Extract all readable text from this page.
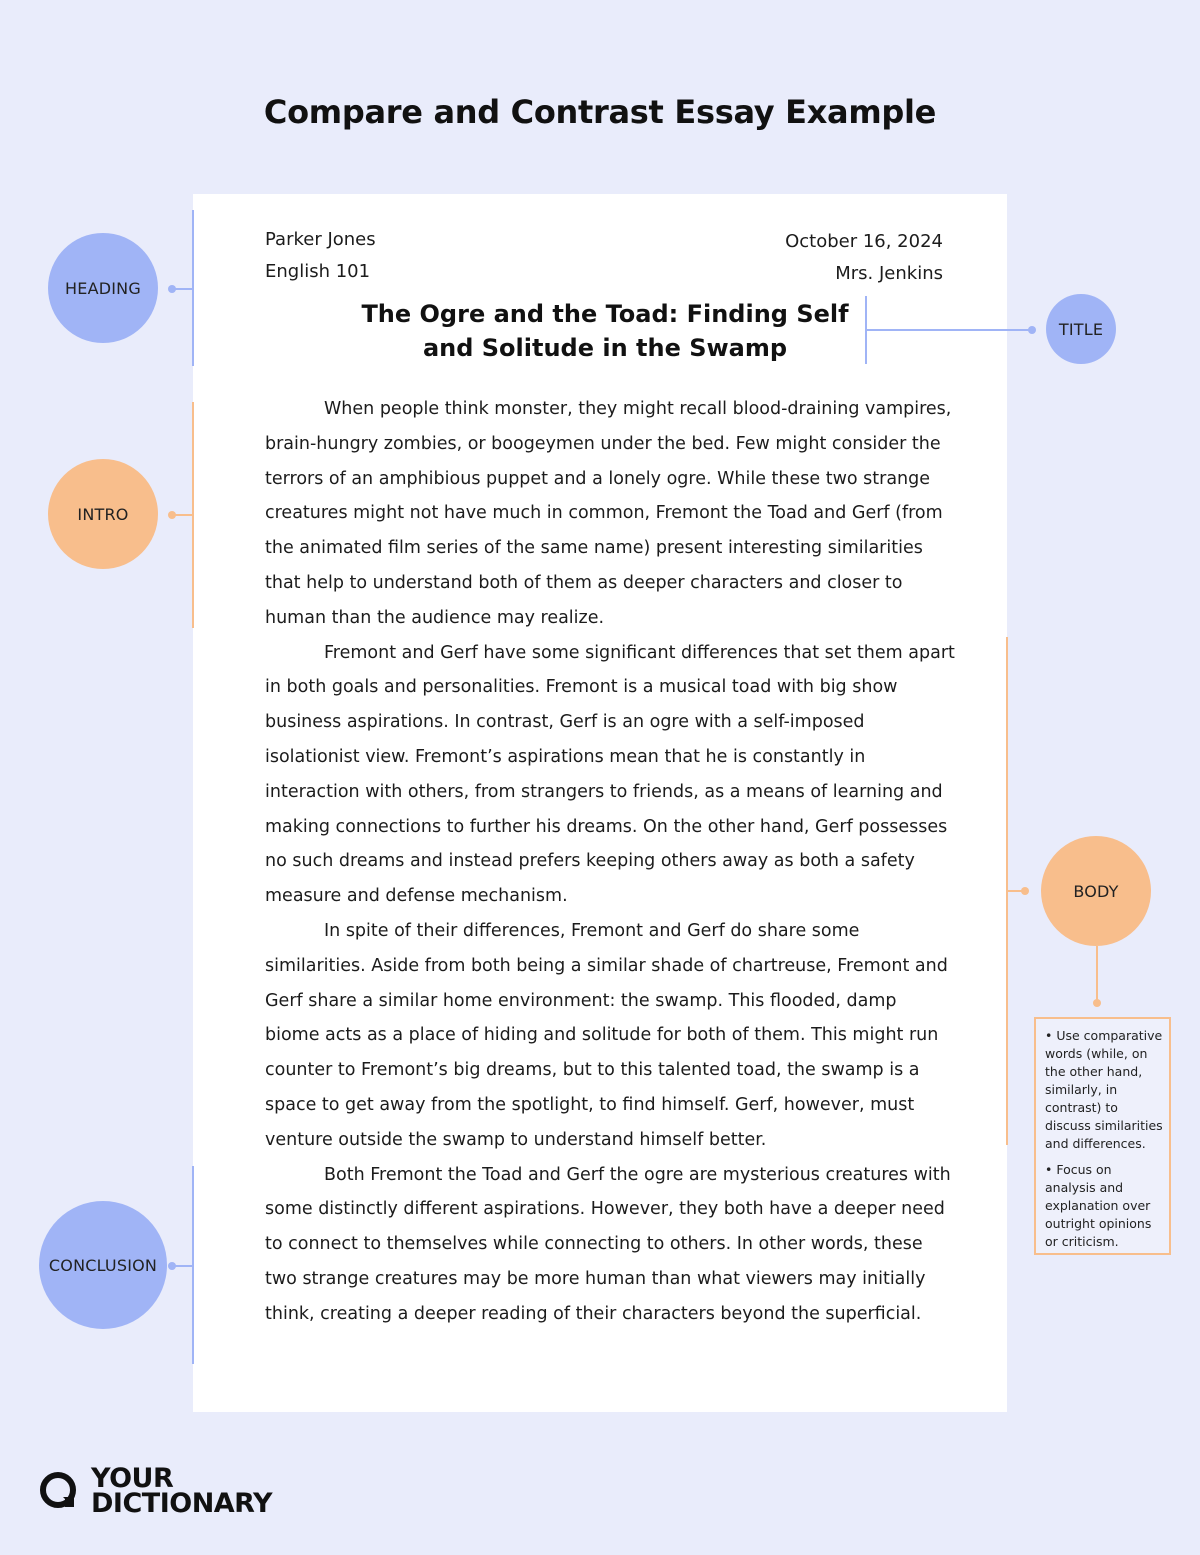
Compare and Contrast Essay Example
Parker Jones
English 101
October 16, 2024
Mrs. Jenkins
The Ogre and the Toad: Finding Self
and Solitude in the Swamp

When people think monster, they might recall blood-draining vampires, brain-hungry zombies, or boogeymen under the bed. Few might consider the terrors of an amphibious puppet and a lonely ogre. While these two strange creatures might not have much in common, Fremont the Toad and Gerf (from the animated film series of the same name) present interesting similarities that help to understand both of them as deeper characters and closer to human than the audience may realize.

Fremont and Gerf have some significant differences that set them apart in both goals and personalities. Fremont is a musical toad with big show business aspirations. In contrast, Gerf is an ogre with a self-imposed isolationist view. Fremont’s aspirations mean that he is constantly in interaction with others, from strangers to friends, as a means of learning and making connections to further his dreams. On the other hand, Gerf possesses no such dreams and instead prefers keeping others away as both a safety measure and defense mechanism.

In spite of their differences, Fremont and Gerf do share some similarities. Aside from both being a similar shade of chartreuse, Fremont and Gerf share a similar home environment: the swamp. This flooded, damp biome acts as a place of hiding and solitude for both of them. This might run counter to Fremont’s big dreams, but to this talented toad, the swamp is a space to get away from the spotlight, to find himself. Gerf, however, must venture outside the swamp to understand himself better.

Both Fremont the Toad and Gerf the ogre are mysterious creatures with some distinctly different aspirations. However, they both have a deeper need to connect to themselves while connecting to others. In other words, these two strange creatures may be more human than what viewers may initially think, creating a deeper reading of their characters beyond the superficial.

HEADING
TITLE
INTRO
BODY

• Use comparative words (while, on the other hand, similarly, in contrast) to discuss similarities and differences.

• Focus on analysis and explanation over outright opinions or criticism.

CONCLUSION
YOUR
DICTIONARY
